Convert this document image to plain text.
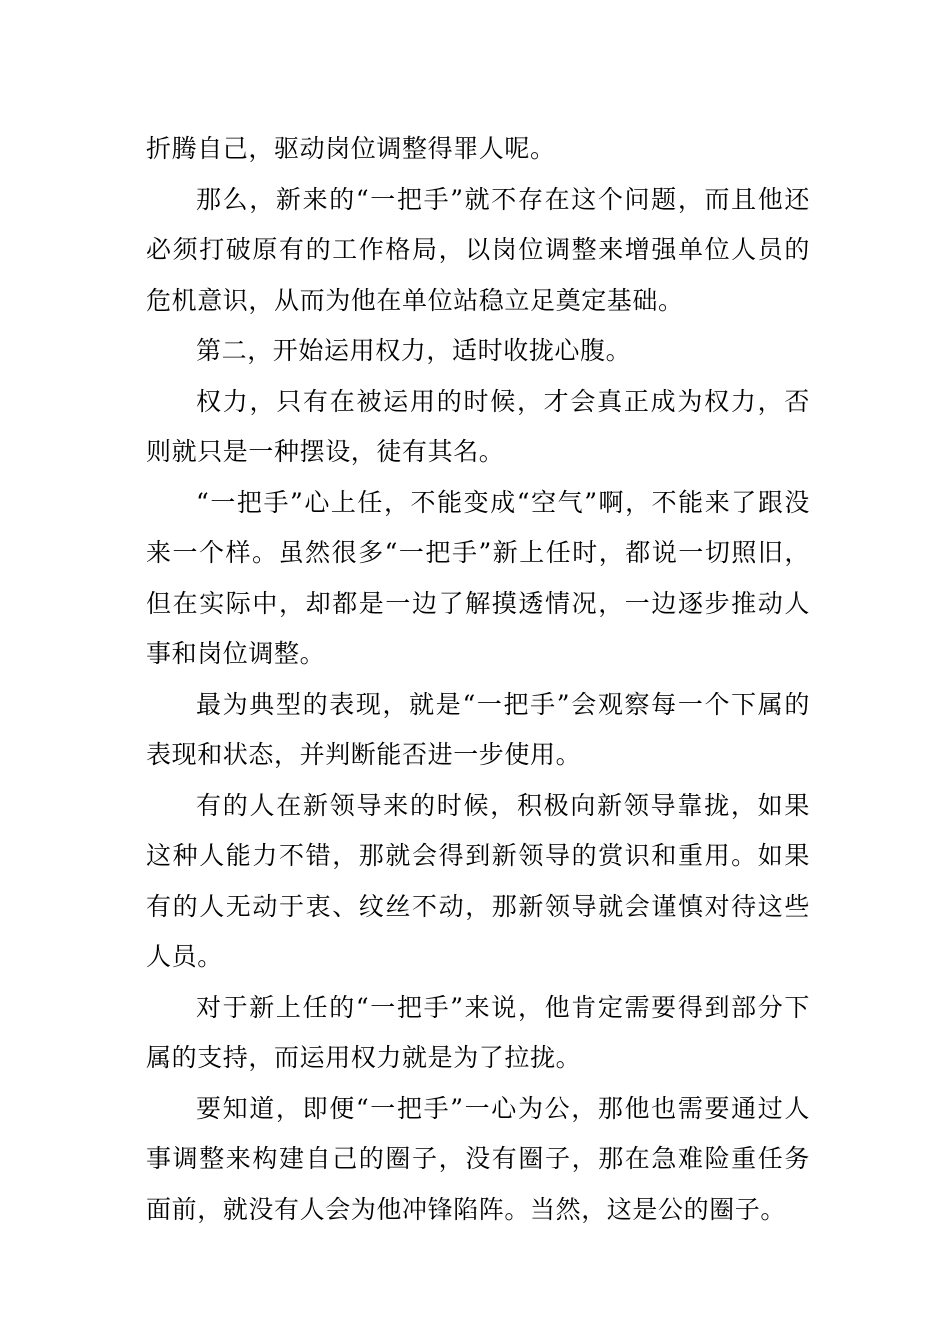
折腾自己，驱动岗位调整得罪人呢。

那么，新来的“一把手”就不存在这个问题，而且他还必须打破原有的工作格局，以岗位调整来增强单位人员的危机意识，从而为他在单位站稳立足奠定基础。

第二，开始运用权力，适时收拢心腹。

权力，只有在被运用的时候，才会真正成为权力，否则就只是一种摆设，徒有其名。

“一把手”心上任，不能变成“空气”啊，不能来了跟没来一个样。虽然很多“一把手”新上任时，都说一切照旧，但在实际中，却都是一边了解摸透情况，一边逐步推动人事和岗位调整。

最为典型的表现，就是“一把手”会观察每一个下属的表现和状态，并判断能否进一步使用。

有的人在新领导来的时候，积极向新领导靠拢，如果这种人能力不错，那就会得到新领导的赏识和重用。如果有的人无动于衷、纹丝不动，那新领导就会谨慎对待这些人员。

对于新上任的“一把手”来说，他肯定需要得到部分下属的支持，而运用权力就是为了拉拢。

要知道，即便“一把手”一心为公，那他也需要通过人事调整来构建自己的圈子，没有圈子，那在急难险重任务面前，就没有人会为他冲锋陷阵。当然，这是公的圈子。
